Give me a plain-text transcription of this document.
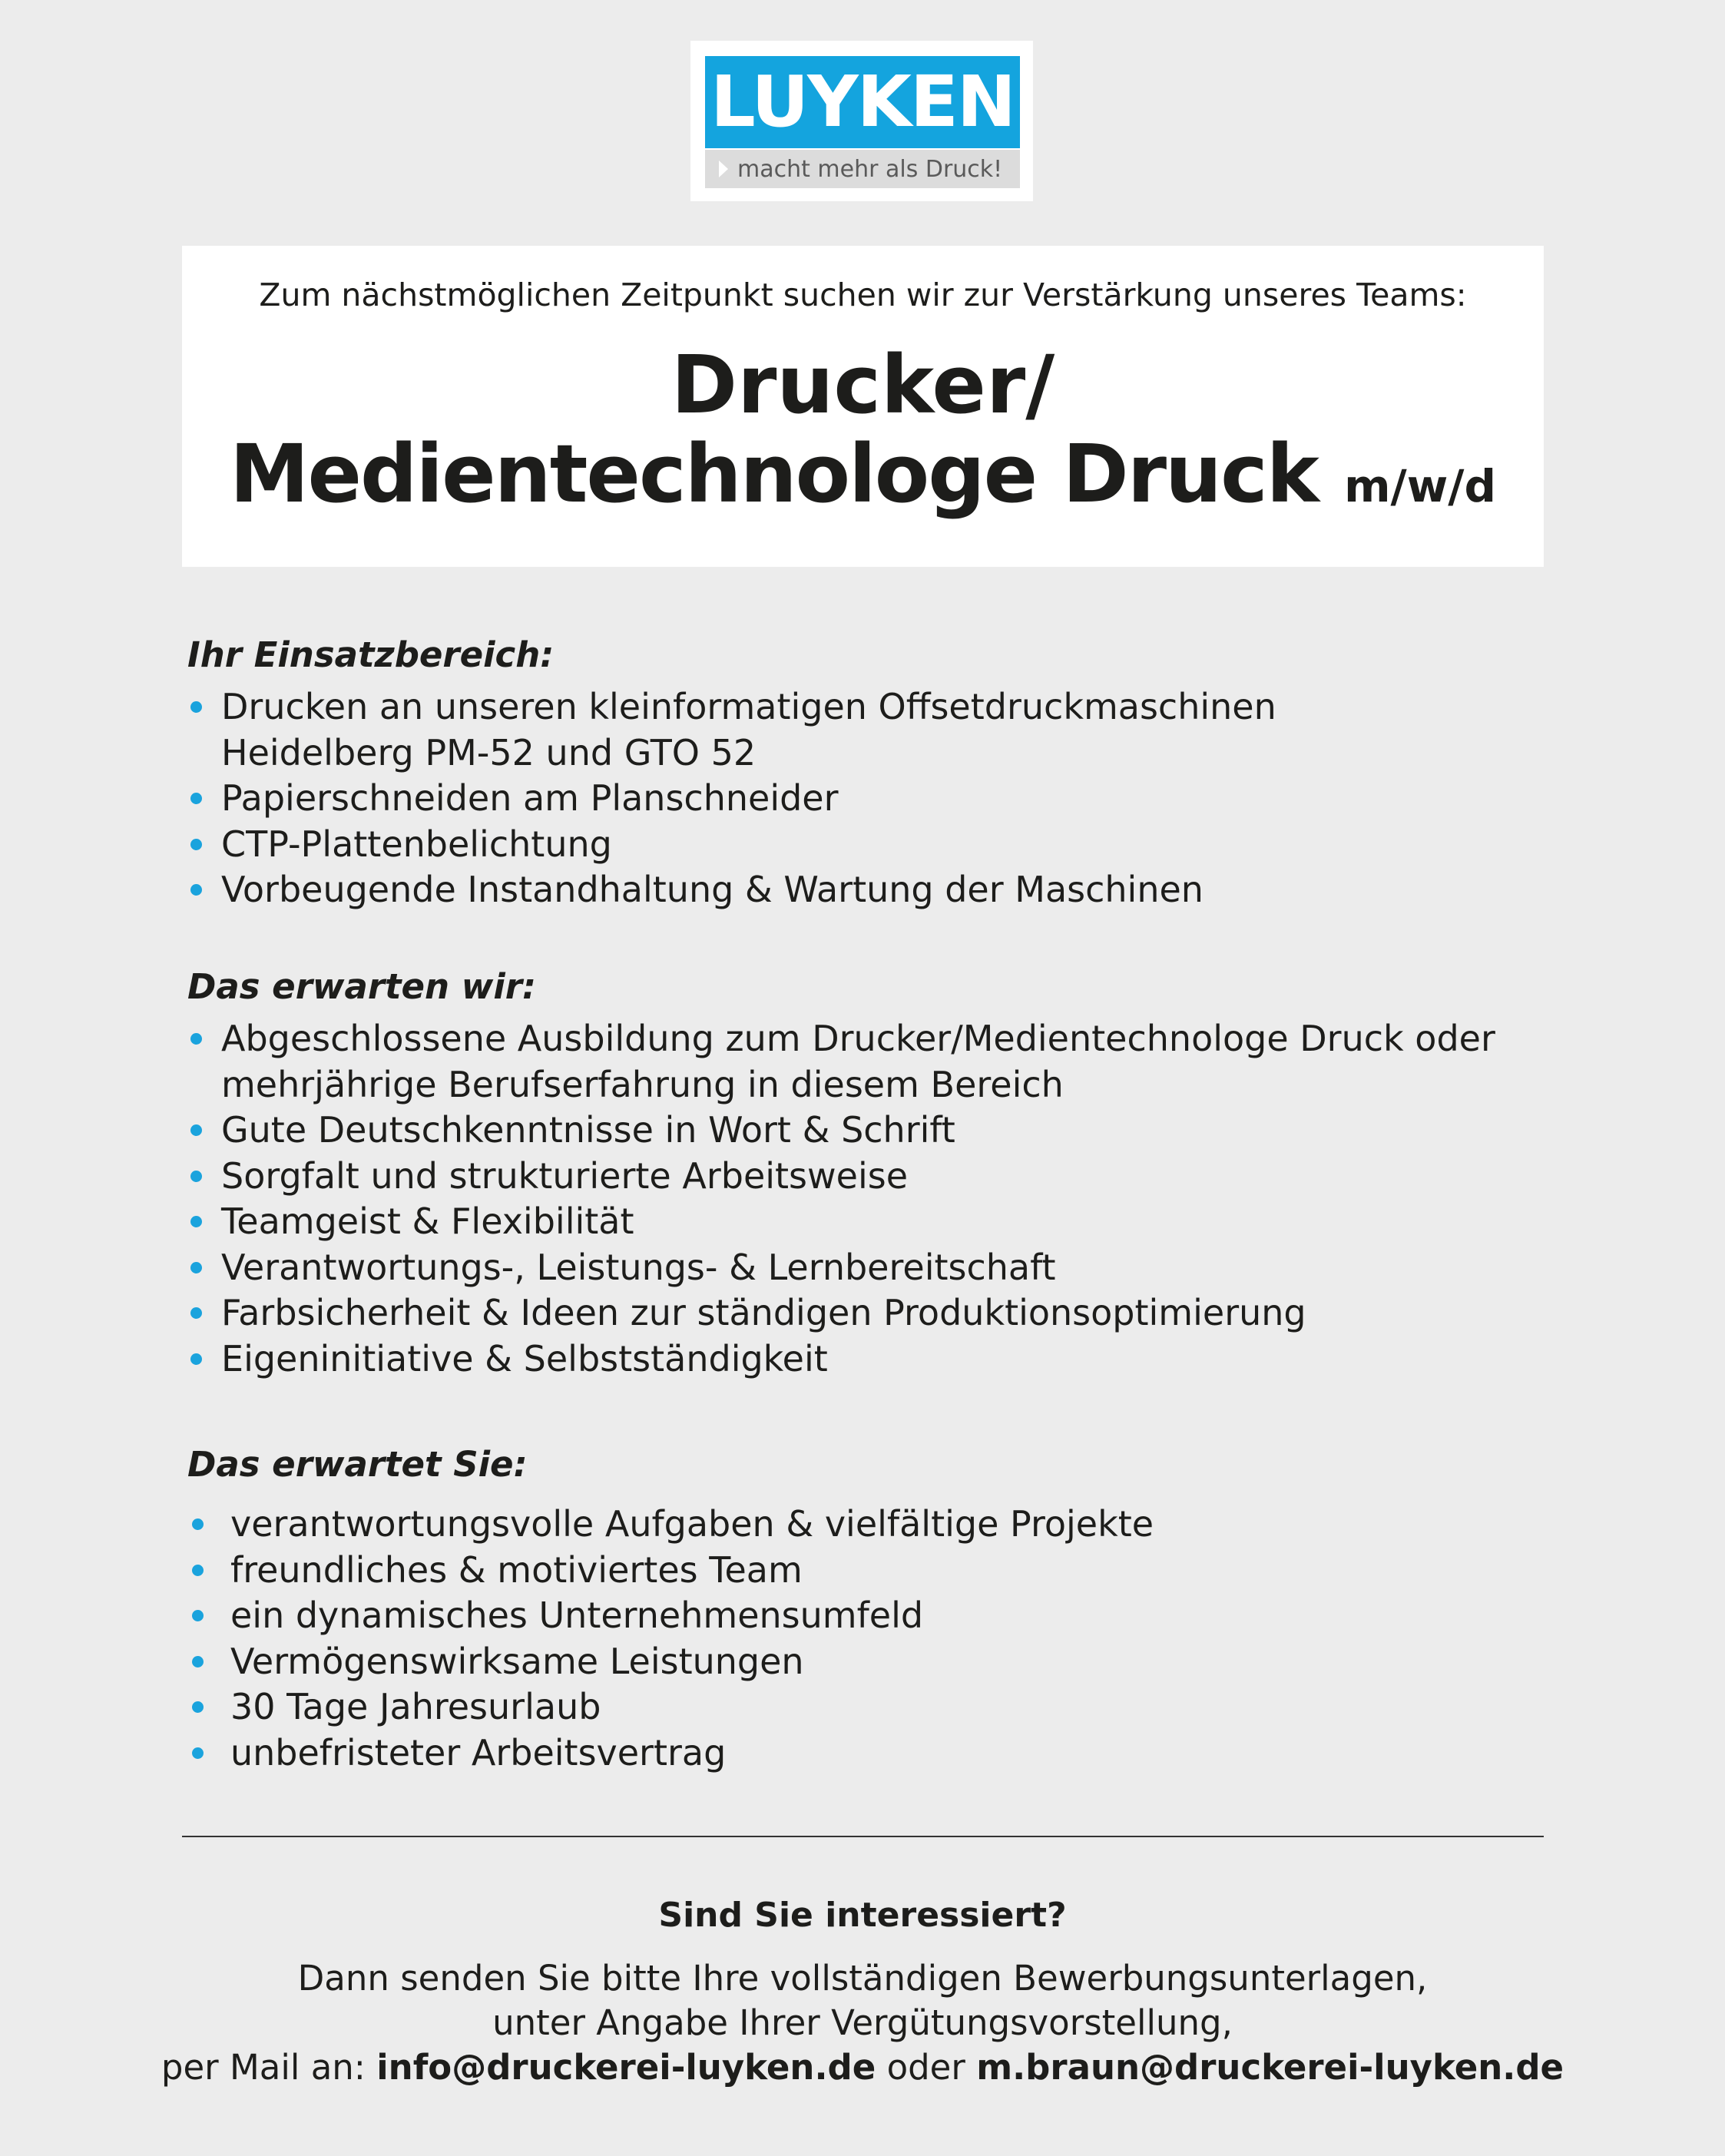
LUYKEN
macht mehr als Druck!
Zum nächstmöglichen Zeitpunkt suchen wir zur Verstärkung unseres Teams:
Drucker/
Medientechnologe Druck m/w/d
Ihr Einsatzbereich:
Drucken an unseren kleinformatigen Offsetdruckmaschinen Heidelberg PM-52 und GTO 52
Papierschneiden am Planschneider
CTP-Plattenbelichtung
Vorbeugende Instandhaltung & Wartung der Maschinen
Das erwarten wir:
Abgeschlossene Ausbildung zum Drucker/Medientechnologe Druck oder mehrjährige Berufserfahrung in diesem Bereich
Gute Deutschkenntnisse in Wort & Schrift
Sorgfalt und strukturierte Arbeitsweise
Teamgeist & Flexibilität
Verantwortungs-, Leistungs- & Lernbereitschaft
Farbsicherheit & Ideen zur ständigen Produktionsoptimierung
Eigeninitiative & Selbstständigkeit
Das erwartet Sie:
verantwortungsvolle Aufgaben & vielfältige Projekte
freundliches & motiviertes Team
ein dynamisches Unternehmensumfeld
Vermögenswirksame Leistungen
30 Tage Jahresurlaub
unbefristeter Arbeitsvertrag
Sind Sie interessiert?
Dann senden Sie bitte Ihre vollständigen Bewerbungsunterlagen,
unter Angabe Ihrer Vergütungsvorstellung,
per Mail an: info@druckerei-luyken.de oder m.braun@druckerei-luyken.de
